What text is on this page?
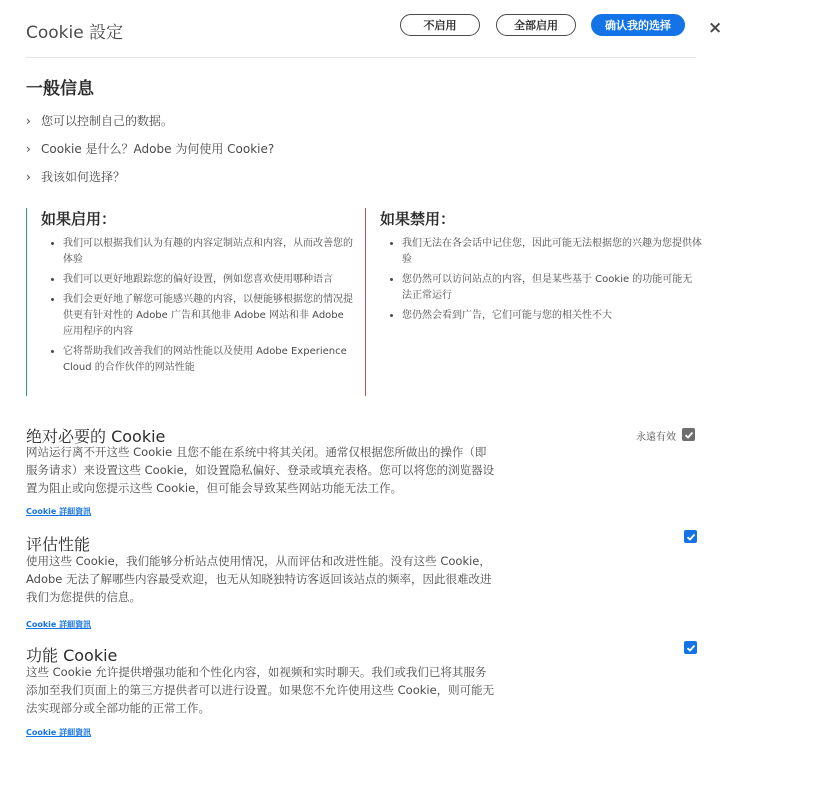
Cookie 設定	不启用	全部启用	确认我的选择	×
一般信息
› 您可以控制自己的数据。
› Cookie 是什么？Adobe 为何使用 Cookie?
› 我该如何选择？
如果启用：
• 我们可以根据我们认为有趣的内容定制站点和内容，从而改善您的体验
• 我们可以更好地跟踪您的偏好设置，例如您喜欢使用哪种语言
• 我们会更好地了解您可能感兴趣的内容，以便能够根据您的情况提供更有针对性的 Adobe 广告和其他非 Adobe 网站和非 Adobe 应用程序的内容
• 它将帮助我们改善我们的网站性能以及使用 Adobe Experience Cloud 的合作伙伴的网站性能
如果禁用：
• 我们无法在各会话中记住您，因此可能无法根据您的兴趣为您提供体验
• 您仍然可以访问站点的内容，但是某些基于 Cookie 的功能可能无法正常运行
• 您仍然会看到广告，它们可能与您的相关性不大
绝对必要的 Cookie
网站运行离不开这些 Cookie 且您不能在系统中将其关闭。通常仅根据您所做出的操作（即服务请求）来设置这些 Cookie，如设置隐私偏好、登录或填充表格。您可以将您的浏览器设置为阻止或向您提示这些 Cookie，但可能会导致某些网站功能无法工作。
Cookie 詳細資訊
永遠有效
评估性能
使用这些 Cookie，我们能够分析站点使用情况，从而评估和改进性能。没有这些 Cookie，Adobe 无法了解哪些内容最受欢迎，也无从知晓独特访客返回该站点的频率，因此很难改进我们为您提供的信息。
Cookie 詳細資訊
功能 Cookie
这些 Cookie 允许提供增强功能和个性化内容，如视频和实时聊天。我们或我们已将其服务添加至我们页面上的第三方提供者可以进行设置。如果您不允许使用这些 Cookie，则可能无法实现部分或全部功能的正常工作。
Cookie 詳細資訊
